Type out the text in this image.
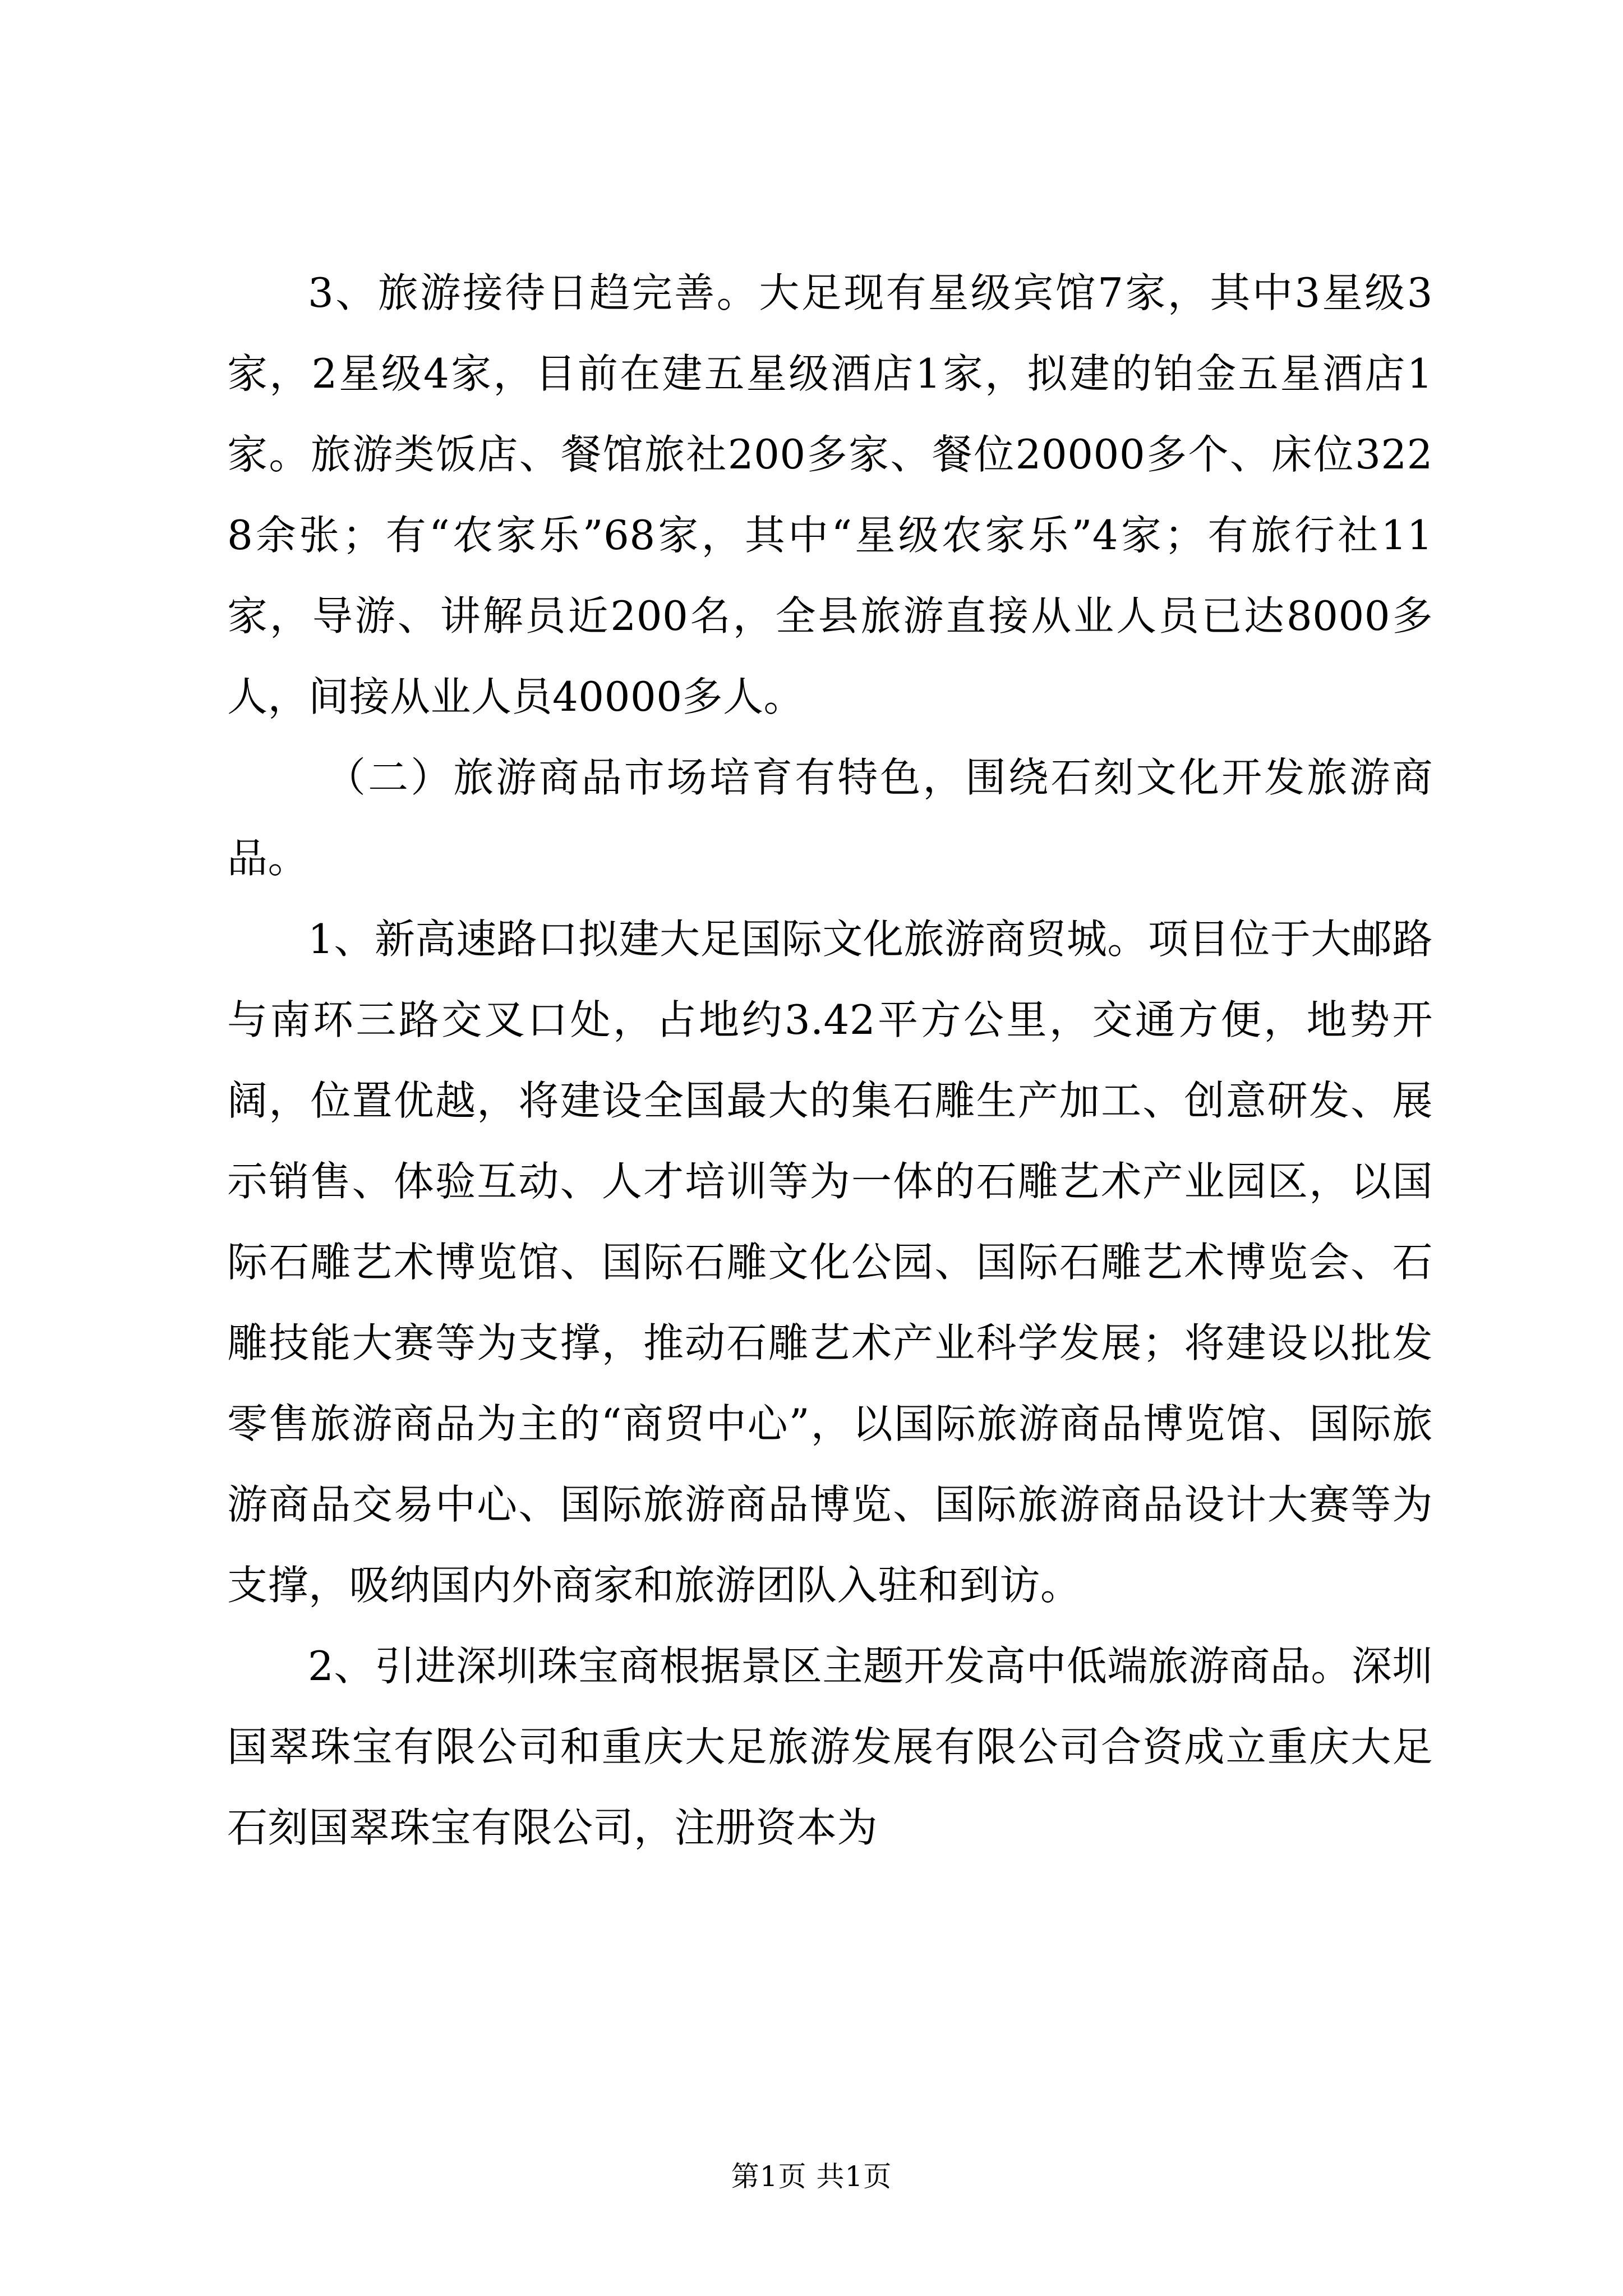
3、旅游接待日趋完善。大足现有星级宾馆7家，其中3星级3家，2星级4家，目前在建五星级酒店1家，拟建的铂金五星酒店1家。旅游类饭店、餐馆旅社200多家、餐位20000多个、床位3228余张；有“农家乐”68家，其中“星级农家乐”4家；有旅行社11家，导游、讲解员近200名，全县旅游直接从业人员已达8000多人，间接从业人员40000多人。

（二）旅游商品市场培育有特色，围绕石刻文化开发旅游商品。

1、新高速路口拟建大足国际文化旅游商贸城。项目位于大邮路与南环三路交叉口处，占地约3.42平方公里，交通方便，地势开阔，位置优越，将建设全国最大的集石雕生产加工、创意研发、展示销售、体验互动、人才培训等为一体的石雕艺术产业园区，以国际石雕艺术博览馆、国际石雕文化公园、国际石雕艺术博览会、石雕技能大赛等为支撑，推动石雕艺术产业科学发展；将建设以批发零售旅游商品为主的“商贸中心”，以国际旅游商品博览馆、国际旅游商品交易中心、国际旅游商品博览、国际旅游商品设计大赛等为支撑，吸纳国内外商家和旅游团队入驻和到访。

2、引进深圳珠宝商根据景区主题开发高中低端旅游商品。深圳国翠珠宝有限公司和重庆大足旅游发展有限公司合资成立重庆大足石刻国翠珠宝有限公司，注册资本为

第1页 共1页
